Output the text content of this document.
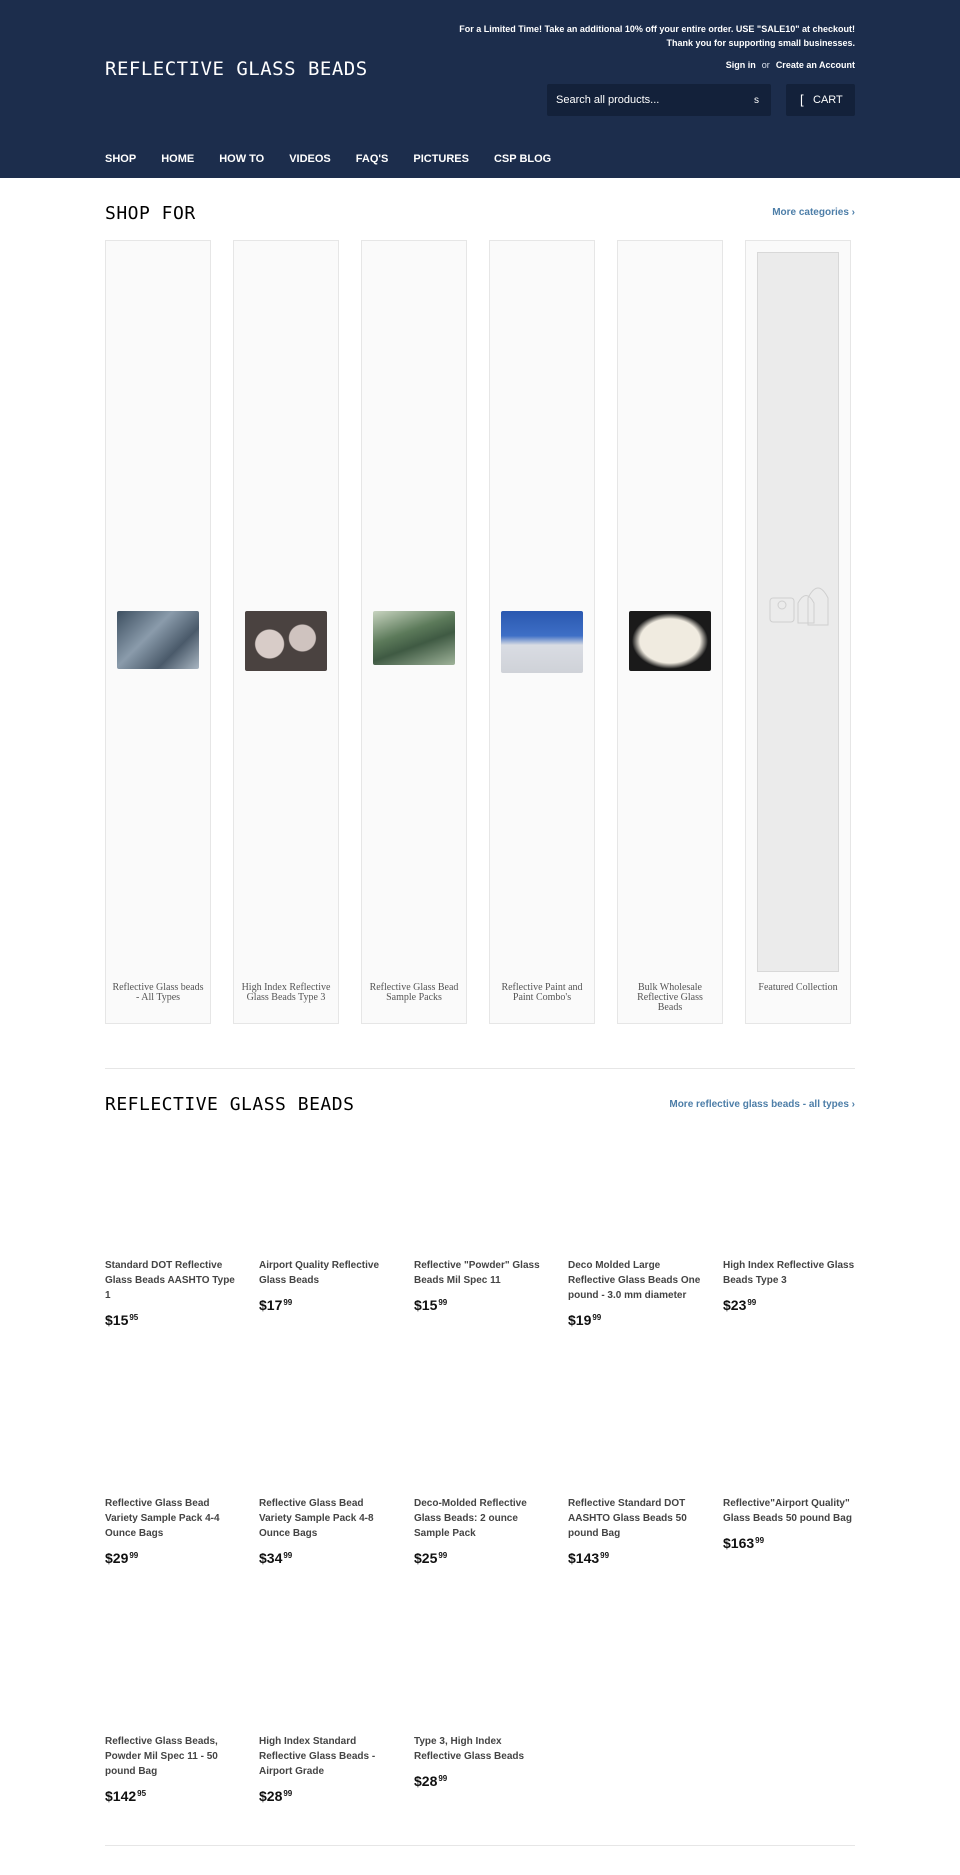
For a Limited Time! Take an additional 10% off your entire order. USE "SALE10" at checkout!
Thank you for supporting small businesses.
REFLECTIVE GLASS BEADS	Sign in or Create an Account
Search all products...	s	[ CART
SHOP HOME HOW TO VIDEOS FAQ'S PICTURES CSP BLOG
SHOP FOR	More categories ›
Reflective Glass beads - All Types
High Index Reflective Glass Beads Type 3
Reflective Glass Bead Sample Packs
Reflective Paint and Paint Combo's
Bulk Wholesale Reflective Glass Beads
Featured Collection
REFLECTIVE GLASS BEADS	More reflective glass beads - all types ›
Standard DOT Reflective Glass Beads AASHTO Type 1
$\$15^{95}$
Airport Quality Reflective Glass Beads
$\$17^{99}$
Reflective "Powder" Glass Beads Mil Spec 11
$\$15^{99}$
Deco Molded Large Reflective Glass Beads One pound - 3.0 mm diameter
$\$19^{99}$
High Index Reflective Glass Beads Type 3
$\$23^{99}$
Reflective Glass Bead Variety Sample Pack 4-4 Ounce Bags
$\$29^{99}$
Reflective Glass Bead Variety Sample Pack 4-8 Ounce Bags
$\$34^{99}$
Deco-Molded Reflective Glass Beads: 2 ounce Sample Pack
$\$25^{99}$
Reflective Standard DOT AASHTO Glass Beads 50 pound Bag
$\$143^{99}$
Reflective"Airport Quality" Glass Beads 50 pound Bag
$\$163^{99}$
Reflective Glass Beads, Powder Mil Spec 11 - 50 pound Bag
$\$142^{95}$
High Index Standard Reflective Glass Beads - Airport Grade
$\$28^{99}$
Type 3, High Index Reflective Glass Beads
$\$28^{99}$
